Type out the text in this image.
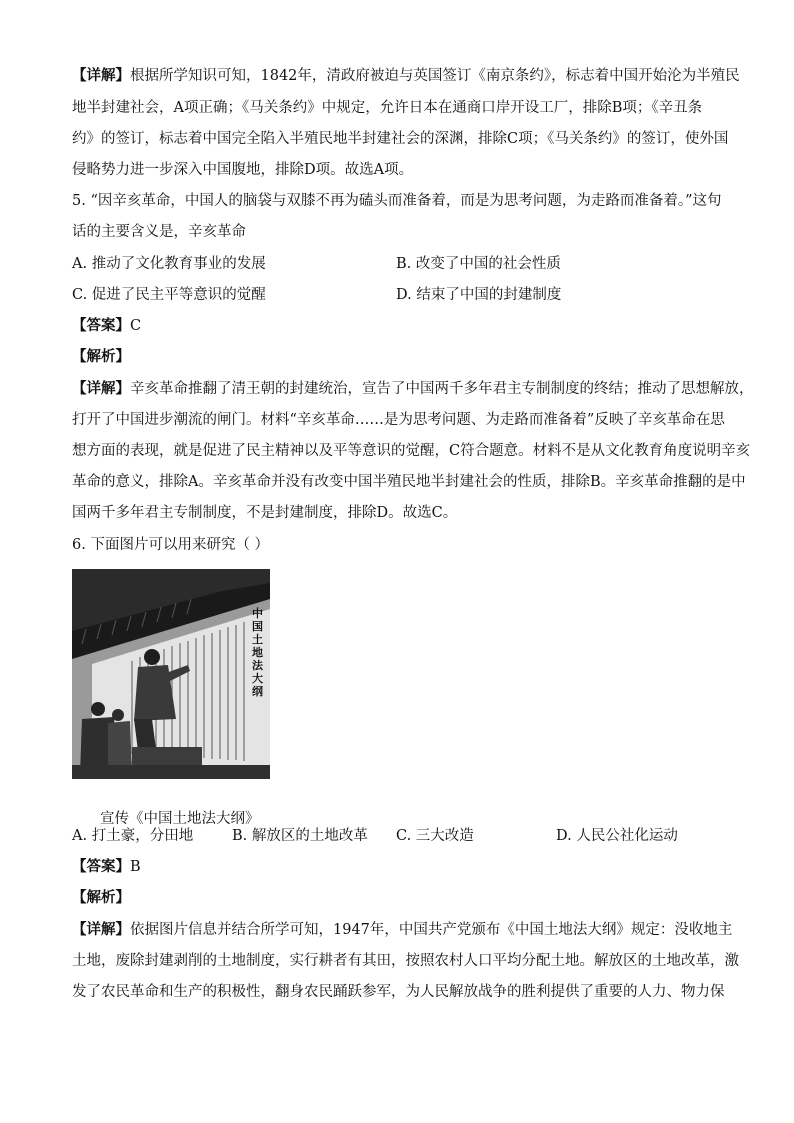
【详解】根据所学知识可知，1842年，清政府被迫与英国签订《南京条约》，标志着中国开始沦为半殖民

地半封建社会，A项正确；《马关条约》中规定，允许日本在通商口岸开设工厂，排除B项；《辛丑条

约》的签订，标志着中国完全陷入半殖民地半封建社会的深渊，排除C项；《马关条约》的签订，使外国

侵略势力进一步深入中国腹地，排除D项。故选A项。

5. “因辛亥革命，中国人的脑袋与双膝不再为磕头而准备着，而是为思考问题，为走路而准备着。”这句

话的主要含义是，辛亥革命

A. 推动了文化教育事业的发展	B. 改变了中国的社会性质
C. 促进了民主平等意识的觉醒	D. 结束了中国的封建制度

【答案】C

【解析】

【详解】辛亥革命推翻了清王朝的封建统治，宣告了中国两千多年君主专制制度的终结；推动了思想解放，

打开了中国进步潮流的闸门。材料“辛亥革命……是为思考问题、为走路而准备着”反映了辛亥革命在思

想方面的表现，就是促进了民主精神以及平等意识的觉醒，C符合题意。材料不是从文化教育角度说明辛亥

革命的意义，排除A。辛亥革命并没有改变中国半殖民地半封建社会的性质，排除B。辛亥革命推翻的是中

国两千多年君主专制制度，不是封建制度，排除D。故选C。

6. 下面图片可以用来研究（ ）

中国土地法大纲

宣传《中国土地法大纲》

A. 打土豪，分田地	B. 解放区的土地改革 C. 三大改造	D. 人民公社化运动

【答案】B

【解析】

【详解】依据图片信息并结合所学可知，1947年，中国共产党颁布《中国土地法大纲》规定：没收地主

土地，废除封建剥削的土地制度，实行耕者有其田，按照农村人口平均分配土地。解放区的土地改革，激

发了农民革命和生产的积极性，翻身农民踊跃参军，为人民解放战争的胜利提供了重要的人力、物力保
